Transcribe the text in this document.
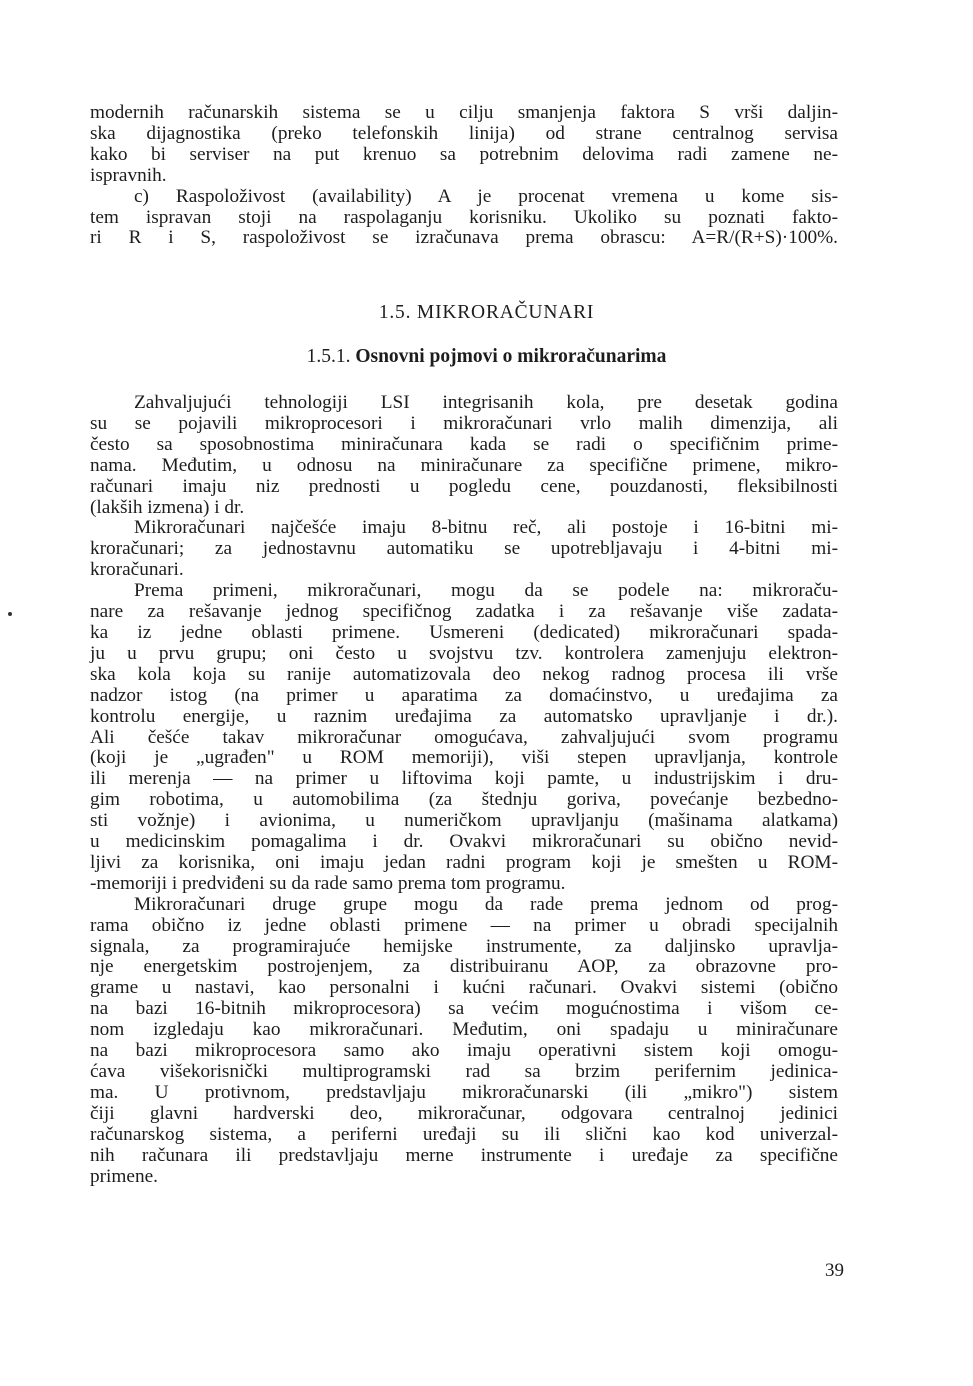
modernih računarskih sistema se u cilju smanjenja faktora S vrši daljin-
ska dijagnostika (preko telefonskih linija) od strane centralnog servisa
kako bi serviser na put krenuo sa potrebnim delovima radi zamene ne-
ispravnih.
c) Raspoloživost (availability) A je procenat vremena u kome sis-
tem ispravan stoji na raspolaganju korisniku. Ukoliko su poznati fakto-
ri R i S, raspoloživost se izračunava prema obrascu: A=R/(R+S)·100%.
1.5. MIKRORAČUNARI
1.5.1. Osnovni pojmovi o mikroračunarima
Zahvaljujući tehnologiji LSI integrisanih kola, pre desetak godina
su se pojavili mikroprocesori i mikroračunari vrlo malih dimenzija, ali
često sa sposobnostima miniračunara kada se radi o specifičnim prime-
nama. Međutim, u odnosu na miniračunare za specifične primene, mikro-
računari imaju niz prednosti u pogledu cene, pouzdanosti, fleksibilnosti
(lakših izmena) i dr.
Mikroračunari najčešće imaju 8-bitnu reč, ali postoje i 16-bitni mi-
kroračunari; za jednostavnu automatiku se upotrebljavaju i 4-bitni mi-
kroračunari.
Prema primeni, mikroračunari, mogu da se podele na: mikroraču-
nare za rešavanje jednog specifičnog zadatka i za rešavanje više zadata-
ka iz jedne oblasti primene. Usmereni (dedicated) mikroračunari spada-
ju u prvu grupu; oni često u svojstvu tzv. kontrolera zamenjuju elektron-
ska kola koja su ranije automatizovala deo nekog radnog procesa ili vrše
nadzor istog (na primer u aparatima za domaćinstvo, u uređajima za
kontrolu energije, u raznim uređajima za automatsko upravljanje i dr.).
Ali češće takav mikroračunar omogućava, zahvaljujući svom programu
(koji je „ugrađen" u ROM memoriji), viši stepen upravljanja, kontrole
ili merenja — na primer u liftovima koji pamte, u industrijskim i dru-
gim robotima, u automobilima (za štednju goriva, povećanje bezbedno-
sti vožnje) i avionima, u numeričkom upravljanju (mašinama alatkama)
u medicinskim pomagalima i dr. Ovakvi mikroračunari su obično nevid-
ljivi za korisnika, oni imaju jedan radni program koji je smešten u ROM-
-memoriji i predviđeni su da rade samo prema tom programu.
Mikroračunari druge grupe mogu da rade prema jednom od prog-
rama obično iz jedne oblasti primene — na primer u obradi specijalnih
signala, za programirajuće hemijske instrumente, za daljinsko upravlja-
nje energetskim postrojenjem, za distribuiranu AOP, za obrazovne pro-
grame u nastavi, kao personalni i kućni računari. Ovakvi sistemi (obično
na bazi 16-bitnih mikroprocesora) sa većim mogućnostima i višom ce-
nom izgledaju kao mikroračunari. Međutim, oni spadaju u miniračunare
na bazi mikroprocesora samo ako imaju operativni sistem koji omogu-
ćava višekorisnički multiprogramski rad sa brzim perifernim jedinica-
ma. U protivnom, predstavljaju mikroračunarski (ili „mikro") sistem
čiji glavni hardverski deo, mikroračunar, odgovara centralnoj jedinici
računarskog sistema, a periferni uređaji su ili slični kao kod univerzal-
nih računara ili predstavljaju merne instrumente i uređaje za specifične
primene.
39
